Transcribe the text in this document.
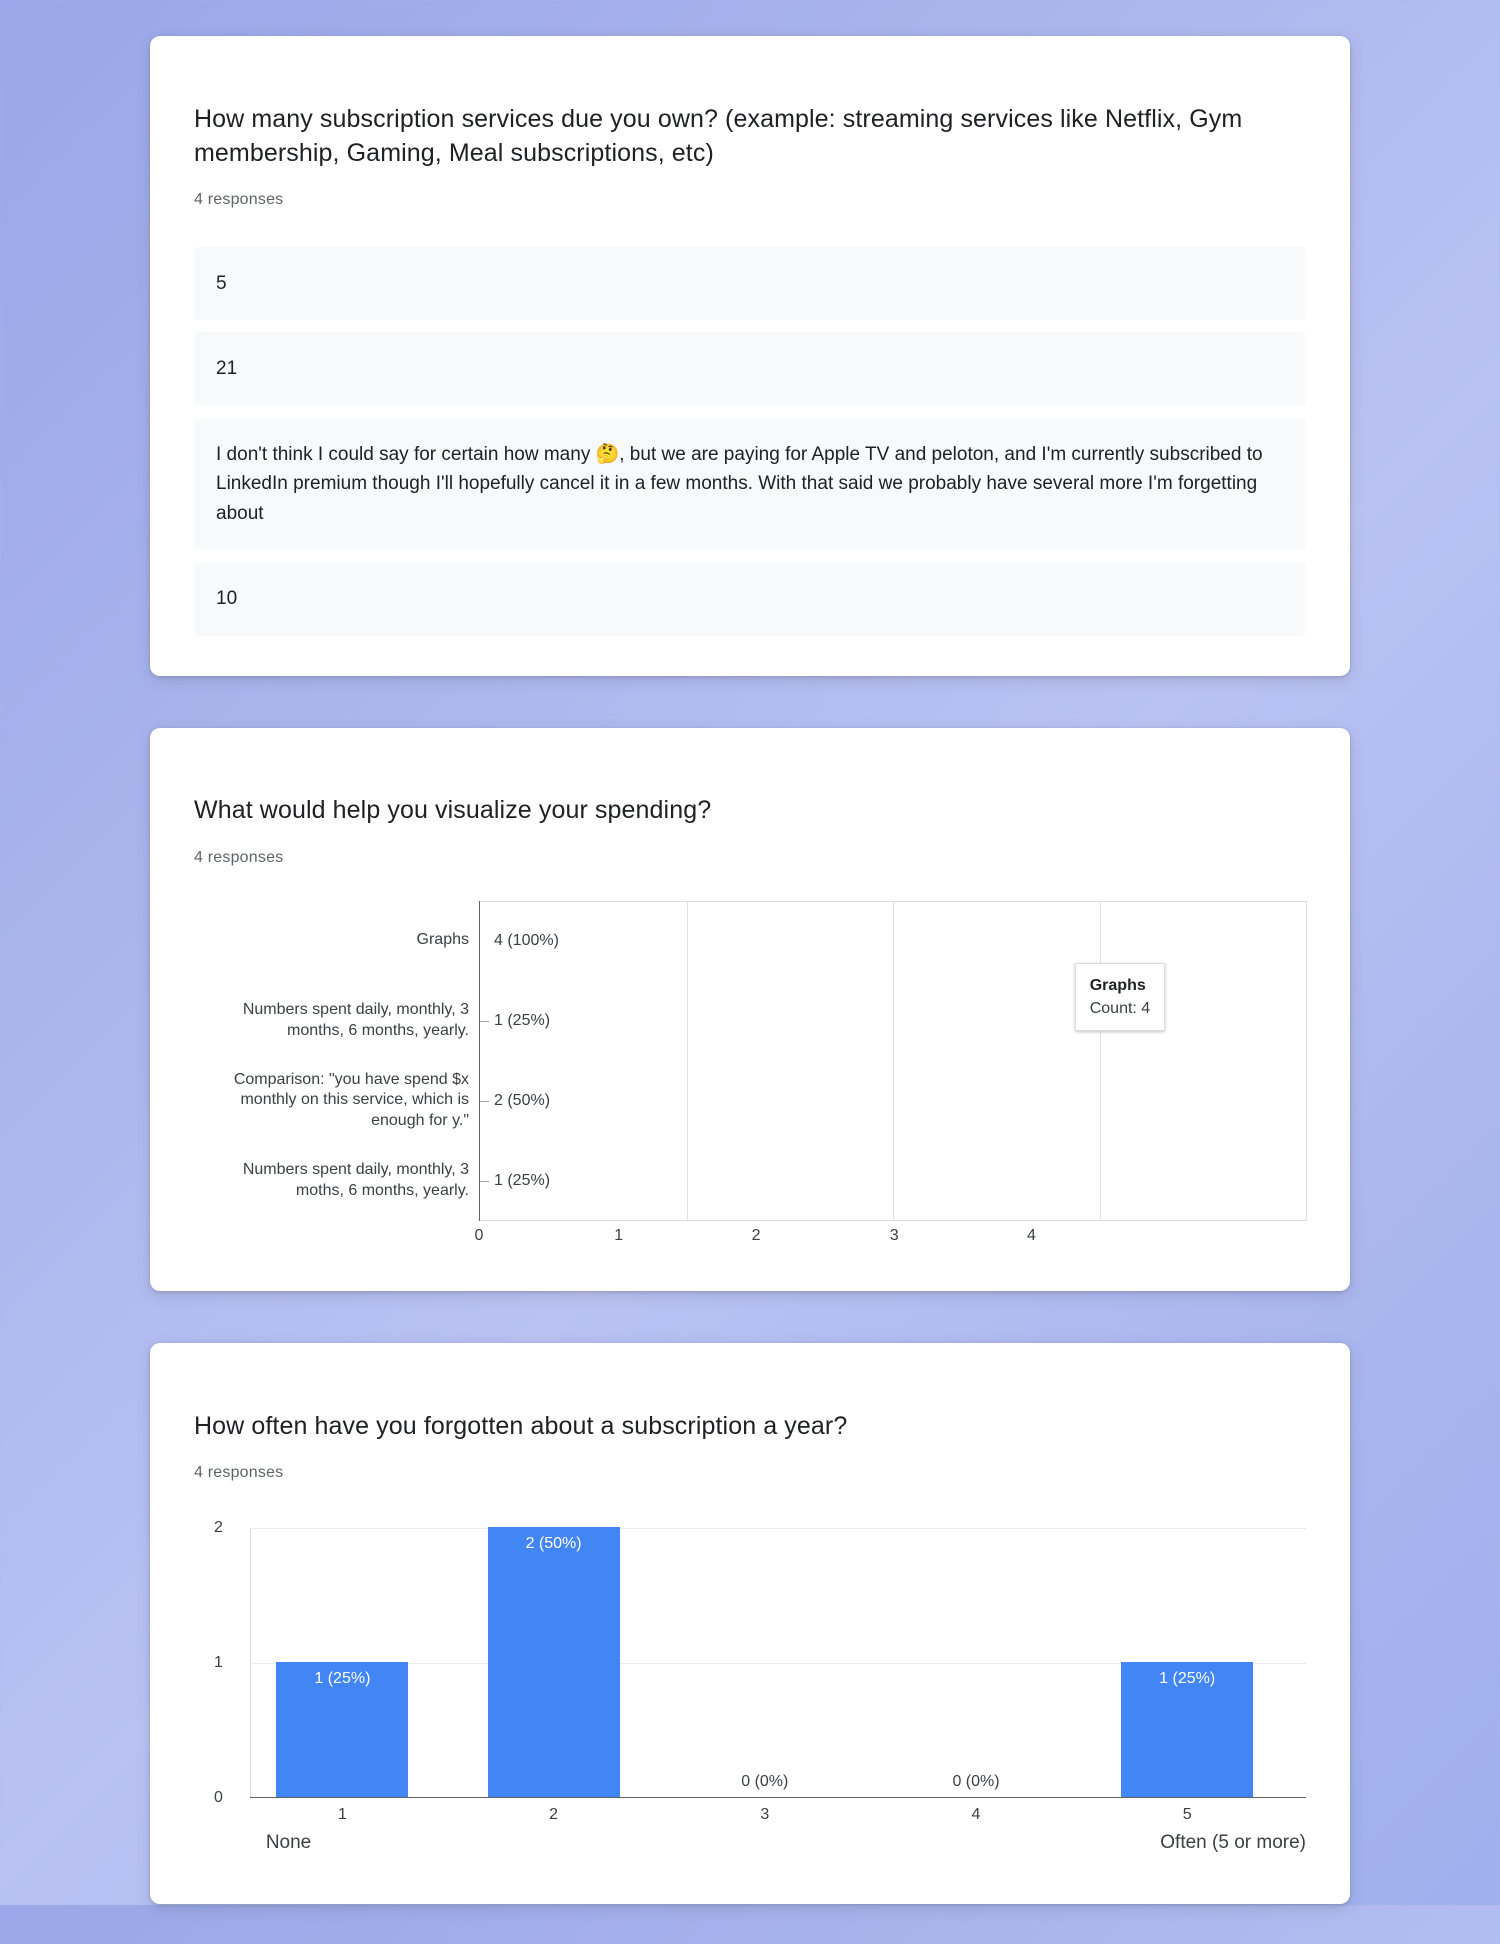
How many subscription services due you own? (example: streaming services like Netflix, Gym membership, Gaming, Meal subscriptions, etc)
4 responses
5
21
I don't think I could say for certain how many 🤔, but we are paying for Apple TV and peloton, and I'm currently subscribed to LinkedIn premium though I'll hopefully cancel it in a few months. With that said we probably have several more I'm forgetting about
10
What would help you visualize your spending?
4 responses
Graphs
Numbers spent daily, monthly, 3 months, 6 months, yearly.
Comparison: "you have spend $x monthly on this service, which is enough for y."
Numbers spent daily, monthly, 3 moths, 6 months, yearly.
4 (100%)
1 (25%)
2 (50%)
1 (25%)
Graphs
Count: 4
0	1	2	3	4
How often have you forgotten about a subscription a year?
4 responses
2
1
0
1 (25%)
2 (50%)
0 (0%)	0 (0%)
1 (25%)
1	2	3	4	5
None	Often (5 or more)
